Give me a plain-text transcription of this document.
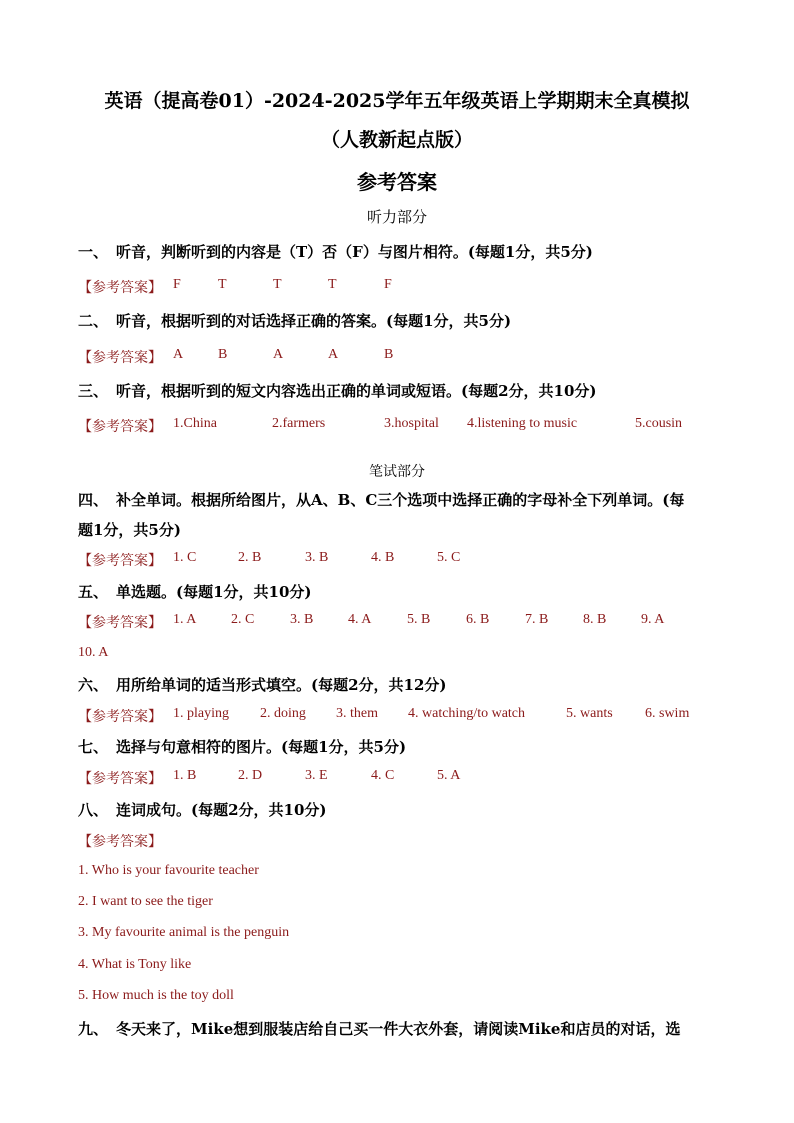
英语（提高卷01）-2024-2025学年五年级英语上学期期末全真模拟
（人教新起点版）
参考答案
听力部分
一、 听音，判断听到的内容是（T）否（F）与图片相符。(每题1分，共5分)
【参考答案】 F	T	T	T	F
二、 听音，根据听到的对话选择正确的答案。(每题1分，共5分)
【参考答案】 A B	A	A	B
三、 听音，根据听到的短文内容选出正确的单词或短语。(每题2分，共10分)
【参考答案】 1.China	2.farmers	3.hospital 4.listening to music	5.cousin
笔试部分
四、 补全单词。根据所给图片，从A、B、C三个选项中选择正确的字母补全下列单词。(每
题1分，共5分)
【参考答案】 1. C	2. B	3. B	4. B	5. C
五、 单选题。(每题1分，共10分)
【参考答案】 1. A 2. C	3. B 4. A	5. B	6. B	7. B 8. B 9. A
10. A
六、 用所给单词的适当形式填空。(每题2分，共12分)
【参考答案】 1. playing 2. doing 3. them 4. watching/to watch	5. wants 6. swim
七、 选择与句意相符的图片。(每题1分，共5分)
【参考答案】 1. B	2. D	3. E	4. C	5. A
八、 连词成句。(每题2分，共10分)
【参考答案】
1. Who is your favourite teacher
2. I want to see the tiger
3. My favourite animal is the penguin
4. What is Tony like
5. How much is the toy doll
九、 冬天来了，Mike想到服装店给自己买一件大衣外套，请阅读Mike和店员的对话，选
